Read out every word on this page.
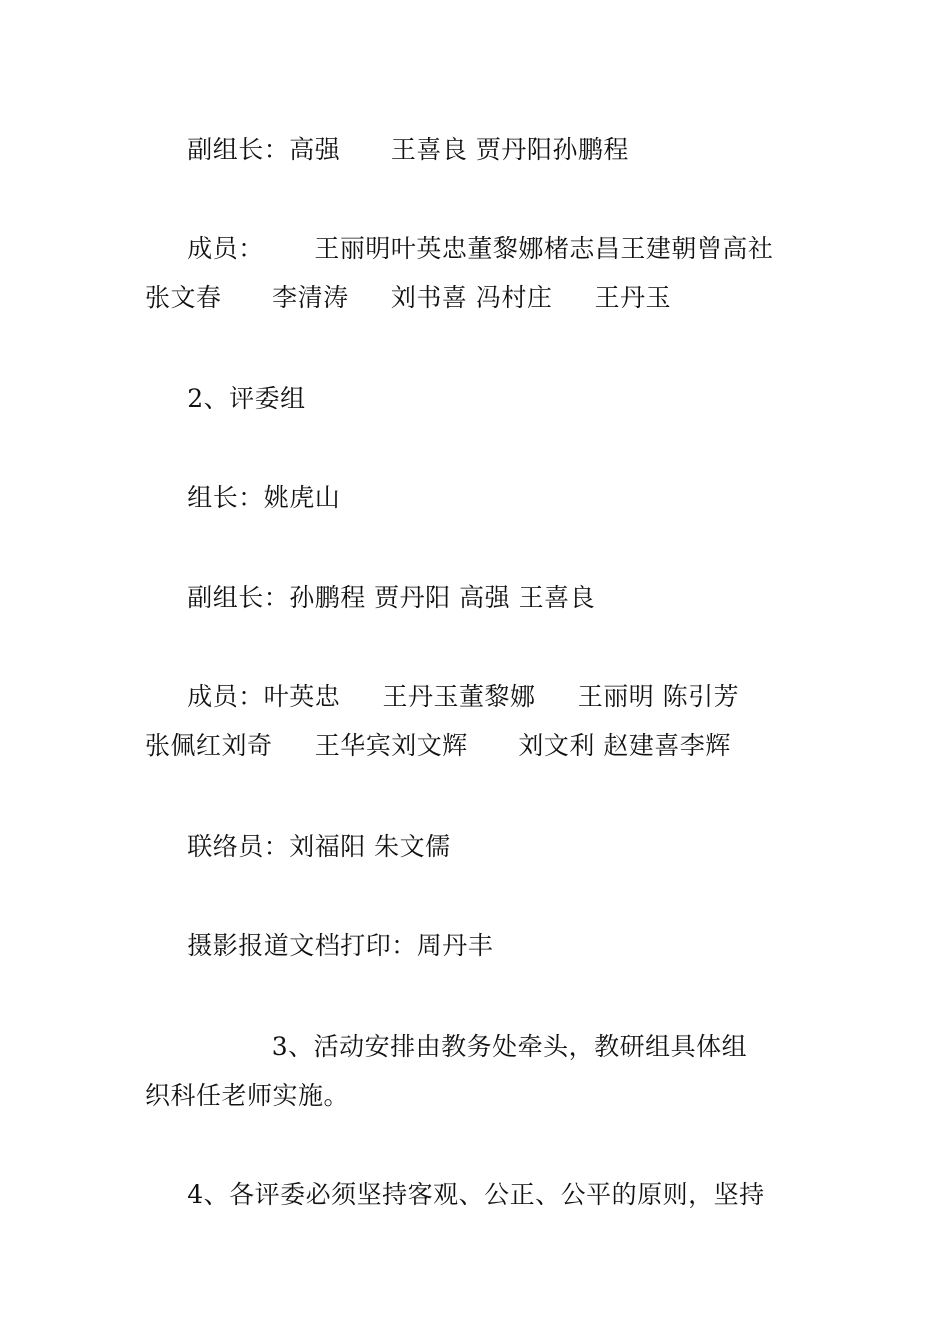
副组长：高强      王喜良 贾丹阳孙鹏程
成员：      王丽明叶英忠董黎娜楮志昌王建朝曾高社
张文春      李清涛     刘书喜 冯村庄     王丹玉
2、评委组
组长：姚虎山
副组长：孙鹏程 贾丹阳 高强 王喜良
成员：叶英忠     王丹玉董黎娜     王丽明 陈引芳
张佩红刘奇     王华宾刘文辉      刘文利 赵建喜李辉
联络员：刘福阳 朱文儒
摄影报道文档打印：周丹丰
3、活动安排由教务处牵头，教研组具体组
织科任老师实施。
4、各评委必须坚持客观、公正、公平的原则，坚持
